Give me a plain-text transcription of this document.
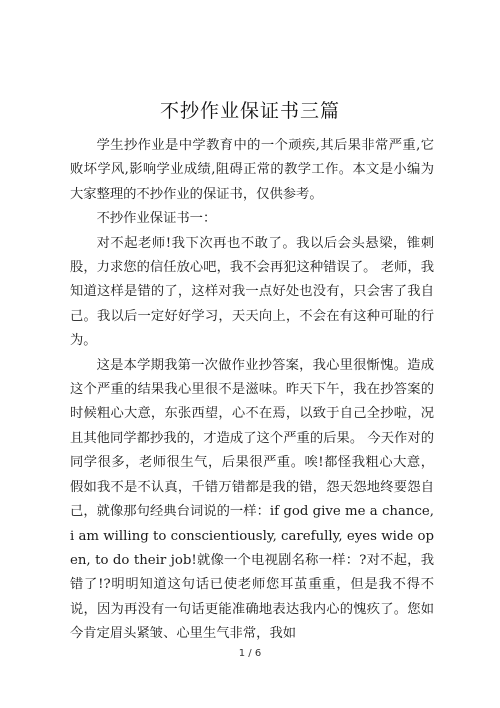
不抄作业保证书三篇

学生抄作业是中学教育中的一个顽疾,其后果非常严重,它败坏学风,影响学业成绩,阻碍正常的教学工作。本文是小编为大家整理的不抄作业的保证书，仅供参考。

不抄作业保证书一：

对不起老师!我下次再也不敢了。我以后会头悬梁，锥刺股，力求您的信任放心吧，我不会再犯这种错误了。 老师，我知道这样是错的了，这样对我一点好处也没有，只会害了我自己。我以后一定好好学习，天天向上，不会在有这种可耻的行为。

这是本学期我第一次做作业抄答案，我心里很惭愧。造成这个严重的结果我心里很不是滋味。昨天下午，我在抄答案的时候粗心大意，东张西望，心不在焉，以致于自己全抄啦，况且其他同学都抄我的，才造成了这个严重的后果。 今天作对的同学很多，老师很生气，后果很严重。唉!都怪我粗心大意，假如我不是不认真，千错万错都是我的错，怨天怨地终要怨自己，就像那句经典台词说的一样：if god give me a chance, i am willing to conscientiously, carefully, eyes wide open, to do their job!就像一个电视剧名称一样：?对不起，我错了!?明明知道这句话已使老师您耳茧重重，但是我不得不说，因为再没有一句话更能准确地表达我内心的愧疚了。您如今肯定眉头紧皱、心里生气非常，我如

1 / 6
